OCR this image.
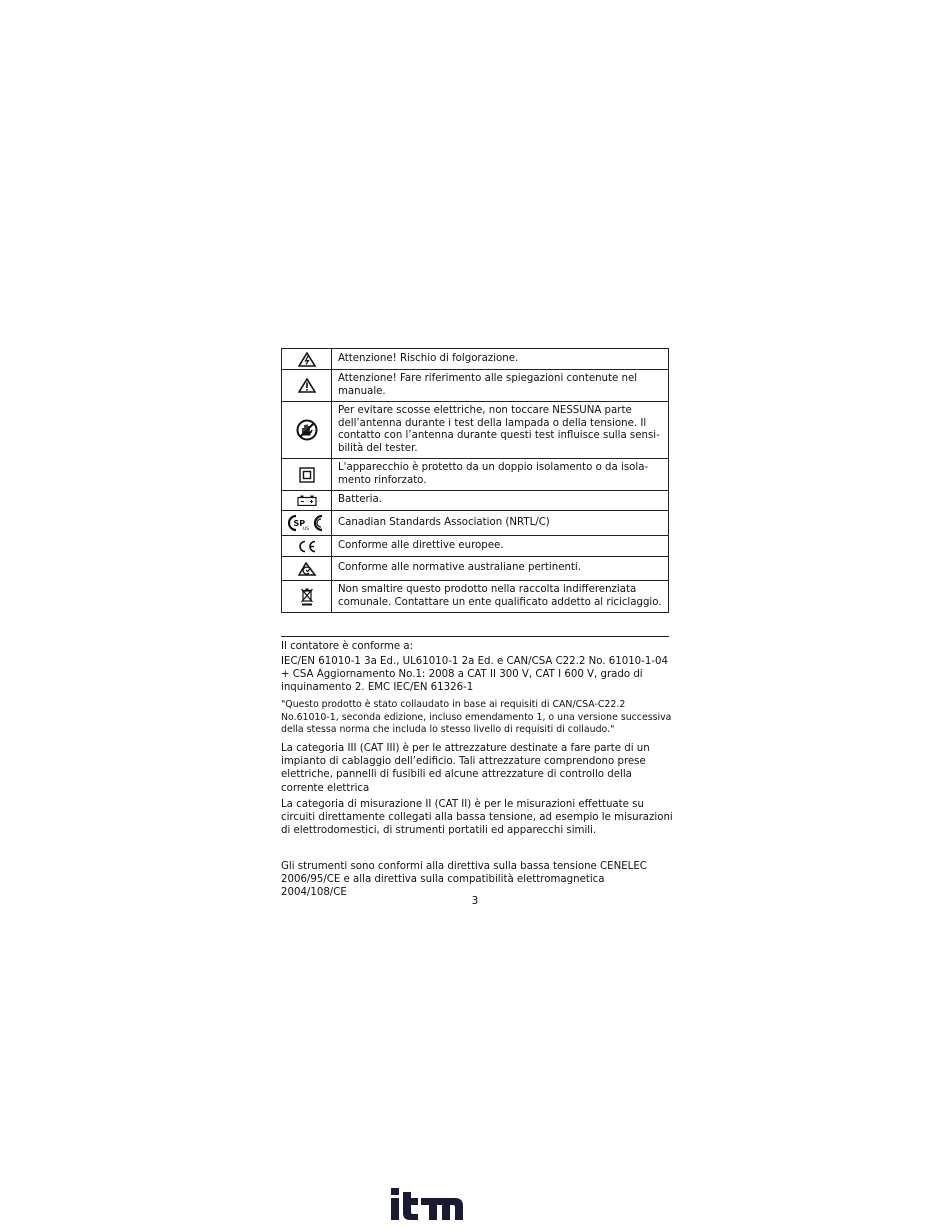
	Attenzione! Rischio di folgorazione.

	Attenzione! Fare riferimento alle spiegazioni contenute nel manuale.

	Per evitare scosse elettriche, non toccare NESSUNA parte dell’antenna durante i test della lampada o della tensione. Il contatto con l’antenna durante questi test influisce sulla sensi-bilità del tester.

	L'apparecchio è protetto da un doppio isolamento o da isola-mento rinforzato.

	Batteria.

SP
US	Canadian Standards Association (NRTL/C)

	Conforme alle direttive europee.

	Conforme alle normative australiane pertinenti.

	Non smaltire questo prodotto nella raccolta indifferenziata comunale. Contattare un ente qualificato addetto al riciclaggio.

Il contatore è conforme a:

IEC/EN 61010-1 3a Ed., UL61010-1 2a Ed. e CAN/CSA C22.2 No. 61010-1-04 + CSA Aggiornamento No.1: 2008 a CAT II 300 V, CAT I 600 V, grado di inquinamento 2. EMC IEC/EN 61326-1

"Questo prodotto è stato collaudato in base ai requisiti di CAN/CSA-C22.2 No.61010-1, seconda edizione, incluso emendamento 1, o una versione successiva della stessa norma che includa lo stesso livello di requisiti di collaudo."

La categoria III (CAT III) è per le attrezzature destinate a fare parte di un impianto di cablaggio dell’edificio. Tali attrezzature comprendono prese elettriche, pannelli di fusibili ed alcune attrezzature di controllo della corrente elettrica

La categoria di misurazione II (CAT II) è per le misurazioni effettuate su circuiti direttamente collegati alla bassa tensione, ad esempio le misurazioni di elettrodomestici, di strumenti portatili ed apparecchi simili.

Gli strumenti sono conformi alla direttiva sulla bassa tensione CENELEC 2006/95/CE e alla direttiva sulla compatibilità elettromagnetica 2004/108/CE

3
